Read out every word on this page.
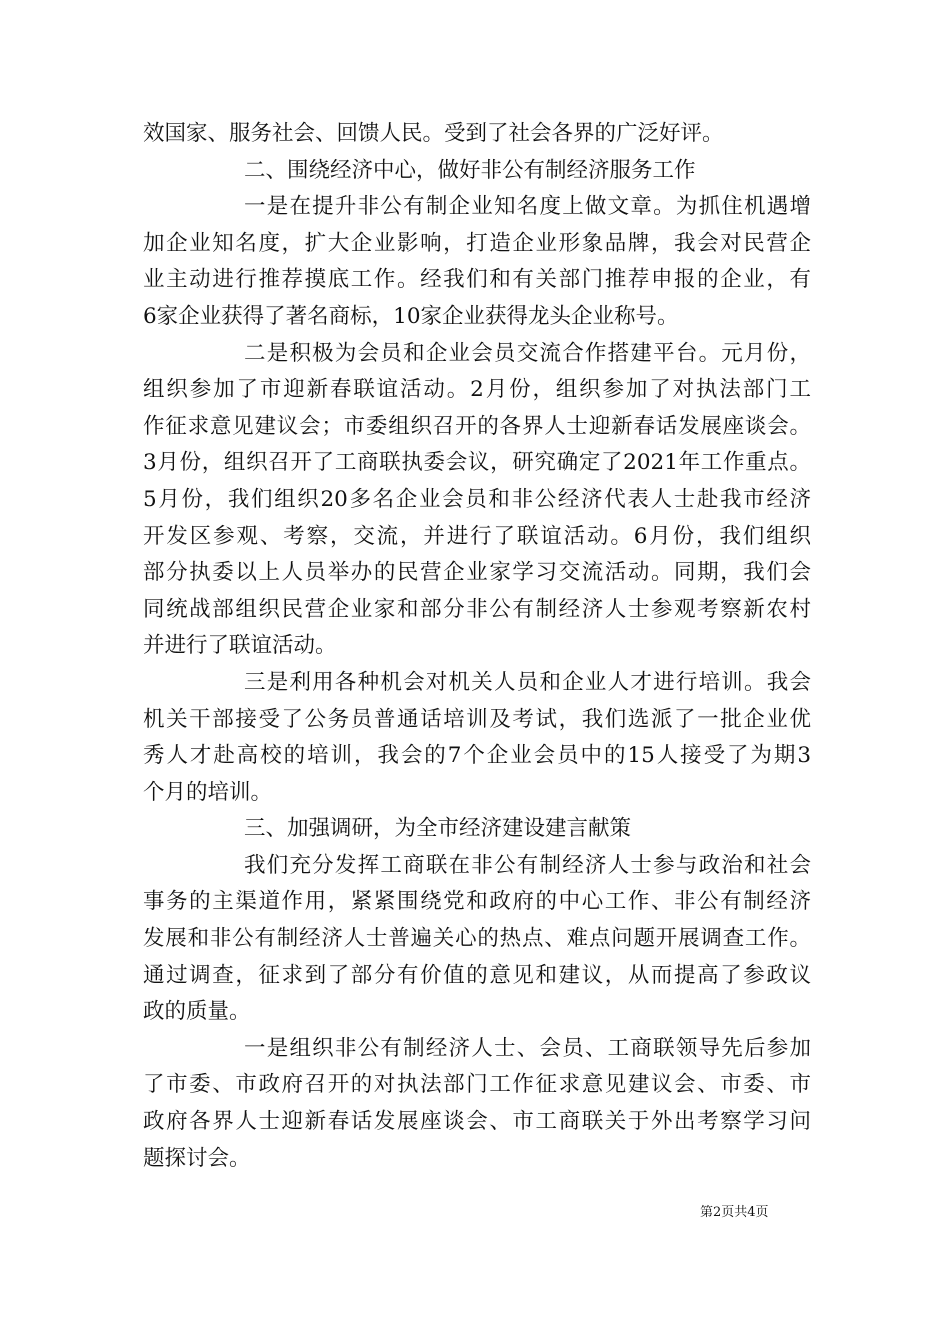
效国家、服务社会、回馈人民。受到了社会各界的广泛好评。
二、围绕经济中心，做好非公有制经济服务工作
一是在提升非公有制企业知名度上做文章。为抓住机遇增
加企业知名度，扩大企业影响，打造企业形象品牌，我会对民营企
业主动进行推荐摸底工作。经我们和有关部门推荐申报的企业，有
6家企业获得了著名商标，10家企业获得龙头企业称号。
二是积极为会员和企业会员交流合作搭建平台。元月份，
组织参加了市迎新春联谊活动。2月份，组织参加了对执法部门工
作征求意见建议会；市委组织召开的各界人士迎新春话发展座谈会。
3月份，组织召开了工商联执委会议，研究确定了2021年工作重点。
5月份，我们组织20多名企业会员和非公经济代表人士赴我市经济
开发区参观、考察，交流，并进行了联谊活动。6月份，我们组织
部分执委以上人员举办的民营企业家学习交流活动。同期，我们会
同统战部组织民营企业家和部分非公有制经济人士参观考察新农村
并进行了联谊活动。
三是利用各种机会对机关人员和企业人才进行培训。我会
机关干部接受了公务员普通话培训及考试，我们选派了一批企业优
秀人才赴高校的培训，我会的7个企业会员中的15人接受了为期3
个月的培训。
三、加强调研，为全市经济建设建言献策
我们充分发挥工商联在非公有制经济人士参与政治和社会
事务的主渠道作用，紧紧围绕党和政府的中心工作、非公有制经济
发展和非公有制经济人士普遍关心的热点、难点问题开展调查工作。
通过调查，征求到了部分有价值的意见和建议，从而提高了参政议
政的质量。
一是组织非公有制经济人士、会员、工商联领导先后参加
了市委、市政府召开的对执法部门工作征求意见建议会、市委、市
政府各界人士迎新春话发展座谈会、市工商联关于外出考察学习问
题探讨会。
第2页共4页
